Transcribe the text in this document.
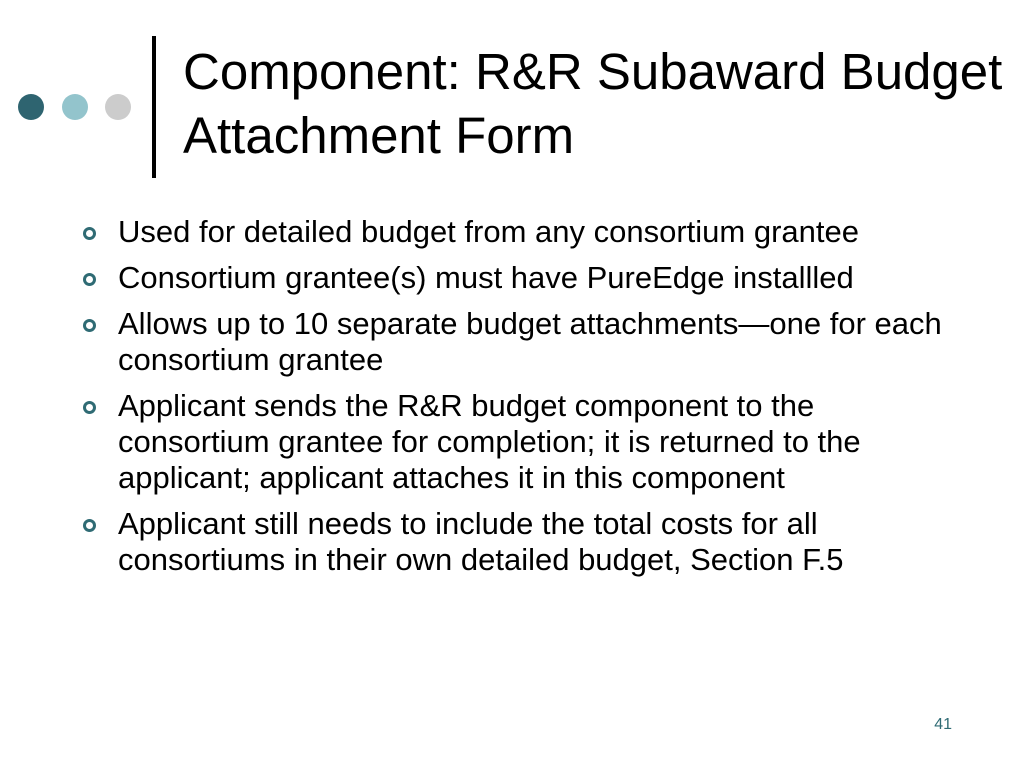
Component: R&R Subaward Budget Attachment Form
Used for detailed budget from any consortium grantee
Consortium grantee(s) must have PureEdge installled
Allows up to 10 separate budget attachments—one for each consortium grantee
Applicant sends the R&R budget component to the consortium grantee for completion; it is returned to the applicant; applicant attaches it in this component
Applicant still needs to include the total costs for all consortiums in their own detailed budget, Section F.5
41
